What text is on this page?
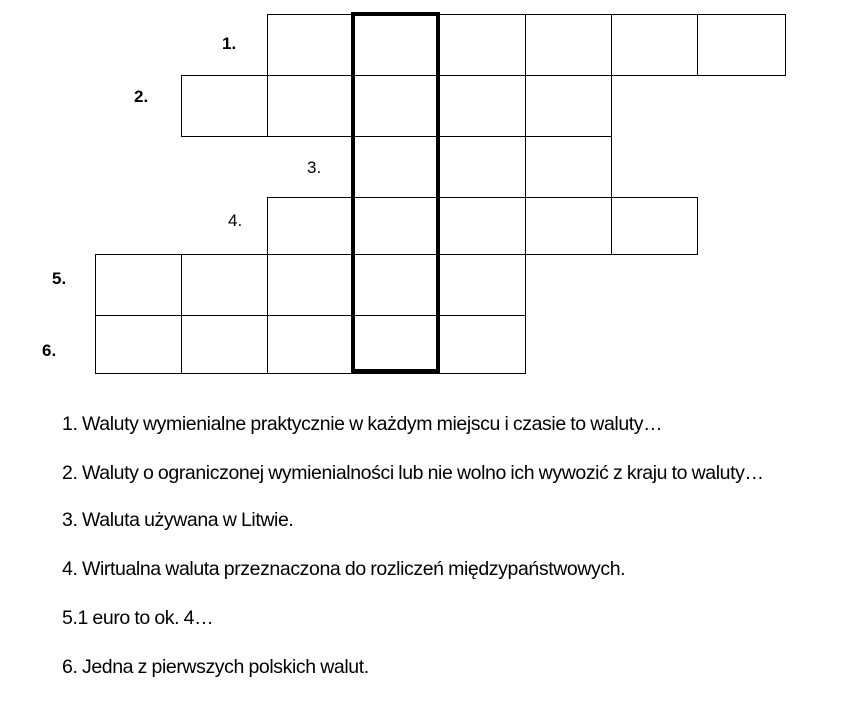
1.
2.
3.
4.
5.
6.
1. Waluty wymienialne praktycznie w każdym miejscu i czasie to waluty…
2. Waluty o ograniczonej wymienialności lub nie wolno ich wywozić z kraju to waluty…
3. Waluta używana w Litwie.
4. Wirtualna waluta przeznaczona do rozliczeń międzypaństwowych.
5.1 euro to ok. 4…
6. Jedna z pierwszych polskich walut.
